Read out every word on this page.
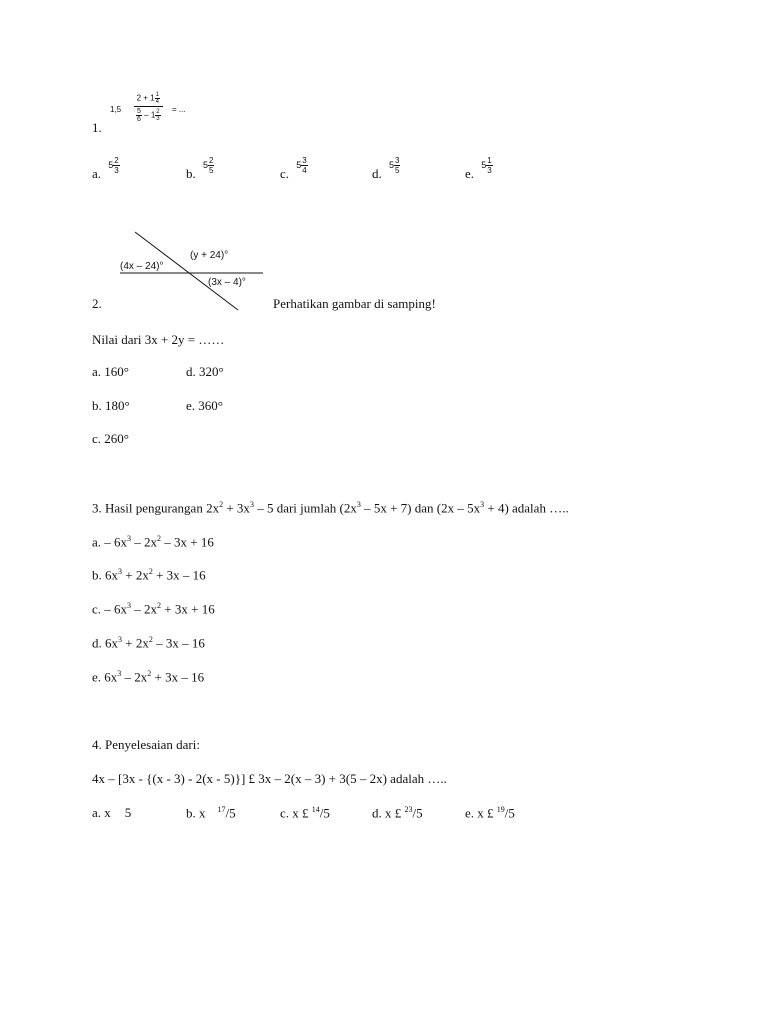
1,5
$2 + 1 \frac{1}{4}$
$\frac{5}{6} - 1 \frac{2}{3}$ = ...
1.
a. $5 \frac{2}{3}$	b. $5 \frac{2}{5}$	c. $5 \frac{3}{4}$	d. $5 \frac{3}{5}$	e. $5 \frac{1}{3}$
(4x – 24)°
(y + 24)°
(3x – 4)°
2.	Perhatikan gambar di samping!
Nilai dari 3x + 2y = ……
a. 160°	d. 320°
b. 180°	e. 360°
c. 260°
3. Hasil pengurangan $2x^2 + 3x^3 - 5$ dari jumlah $(2x^3 - 5x + 7)$ dan $(2x - 5x^3 + 4)$ adalah …..
a. – $6x^3 - 2x^2 - 3x + 16$
b. $6x^3 + 2x^2 + 3x - 16$
c. – $6x^3 - 2x^2 + 3x + 16$
d. $6x^3 + 2x^2 - 3x - 16$
e. $6x^3 - 2x^2 + 3x - 16$
4. Penyelesaian dari:
4x – [3x - {(x - 3) - 2(x - 5)}] £ 3x – 2(x – 3) + 3(5 – 2x) adalah …..
a. x 5	b. x $^{17}$/5	c. x £ $^{14}$/5	d. x £ $^{23}$/5	e. x £ $^{19}$/5
